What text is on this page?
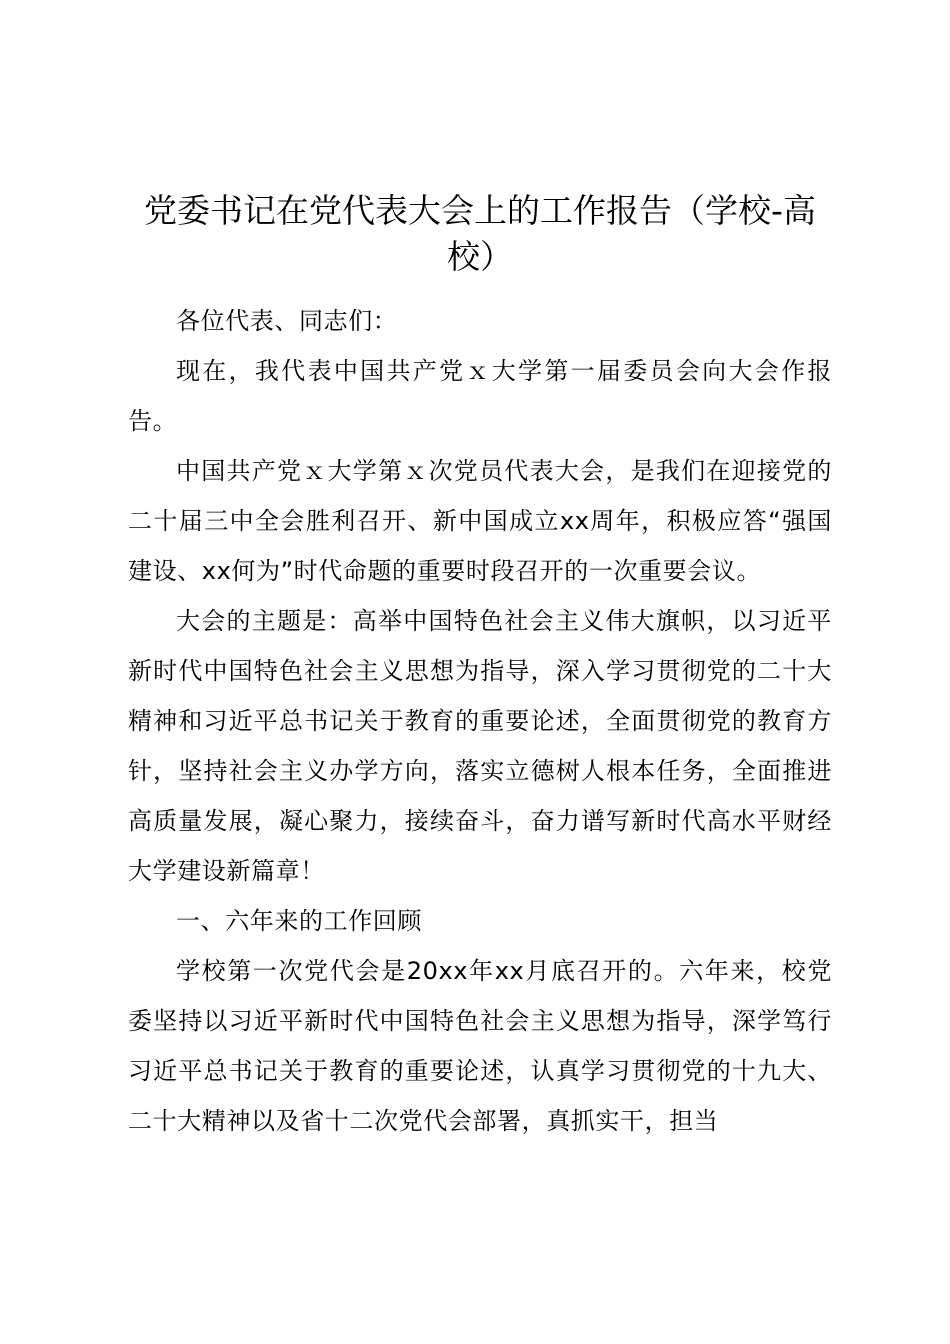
党委书记在党代表大会上的工作报告（学校-高校）

各位代表、同志们：

现在，我代表中国共产党ｘ大学第一届委员会向大会作报告。

中国共产党ｘ大学第ｘ次党员代表大会，是我们在迎接党的二十届三中全会胜利召开、新中国成立xx周年，积极应答“强国建设、xx何为”时代命题的重要时段召开的一次重要会议。

大会的主题是：高举中国特色社会主义伟大旗帜，以习近平新时代中国特色社会主义思想为指导，深入学习贯彻党的二十大精神和习近平总书记关于教育的重要论述，全面贯彻党的教育方针，坚持社会主义办学方向，落实立德树人根本任务，全面推进高质量发展，凝心聚力，接续奋斗，奋力谱写新时代高水平财经大学建设新篇章！

一、六年来的工作回顾

学校第一次党代会是20xx年xx月底召开的。六年来，校党委坚持以习近平新时代中国特色社会主义思想为指导，深学笃行习近平总书记关于教育的重要论述，认真学习贯彻党的十九大、二十大精神以及省十二次党代会部署，真抓实干，担当
